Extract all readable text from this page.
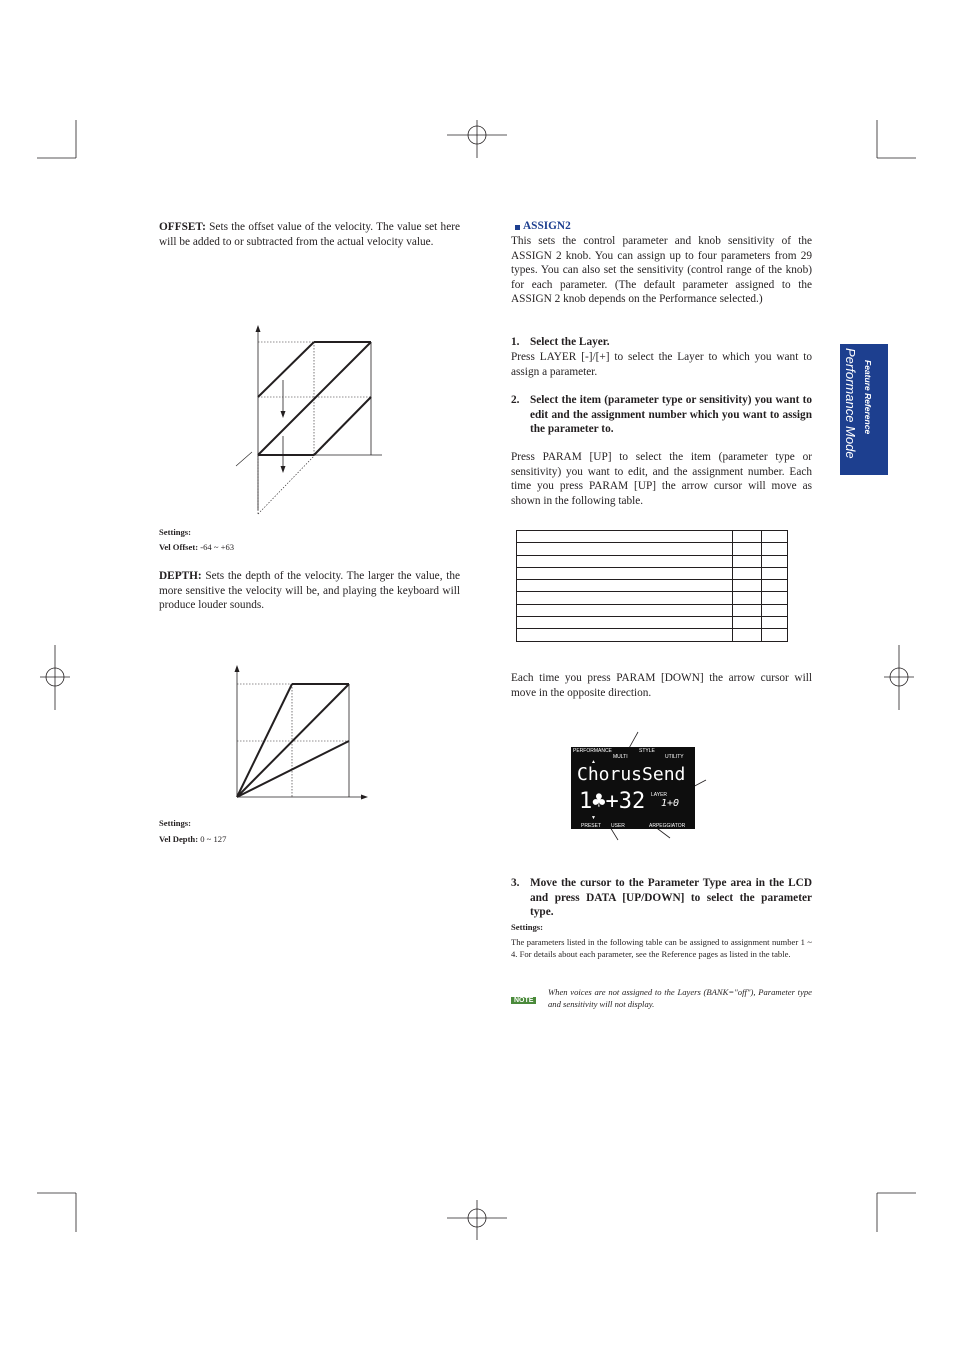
OFFSET: Sets the offset value of the velocity. The value set here will be added to or subtracted from the actual velocity value.
Settings:
Vel Offset: -64 ~ +63
DEPTH: Sets the depth of the velocity. The larger the value, the more sensitive the velocity will be, and playing the keyboard will produce louder sounds.
Settings:
Vel Depth: 0 ~ 127
ASSIGN2
This sets the control parameter and knob sensitivity of the ASSIGN 2 knob. You can assign up to four parameters from 29 types. You can also set the sensitivity (control range of the knob) for each parameter. (The default parameter assigned to the ASSIGN 2 knob depends on the Performance selected.)
1. Select the Layer.
Press LAYER [-]/[+] to select the Layer to which you want to assign a parameter.
2. Select the item (parameter type or sensitivity) you want to edit and the assignment number which you want to assign the parameter to.
Press PARAM [UP] to select the item (parameter type or sensitivity) you want to edit, and the assignment number. Each time you press PARAM [UP] the arrow cursor will move as shown in the following table.

Each time you press PARAM [DOWN] the arrow cursor will move in the opposite direction.
PERFORMANCE	STYLE
MULTI	UTILITY
▲
ChorusSend
1♣+32 LAYER
1+0
▼
PRESET USER	ARPEGGIATOR
3. Move the cursor to the Parameter Type area in the LCD and press DATA [UP/DOWN] to select the parameter type.
Settings:
The parameters listed in the following table can be assigned to assignment number 1 ~ 4. For details about each parameter, see the Reference pages as listed in the table.
NOTE
When voices are not assigned to the Layers (BANK="off"), Parameter type and sensitivity will not display.
Feature Reference
Performance Mode
